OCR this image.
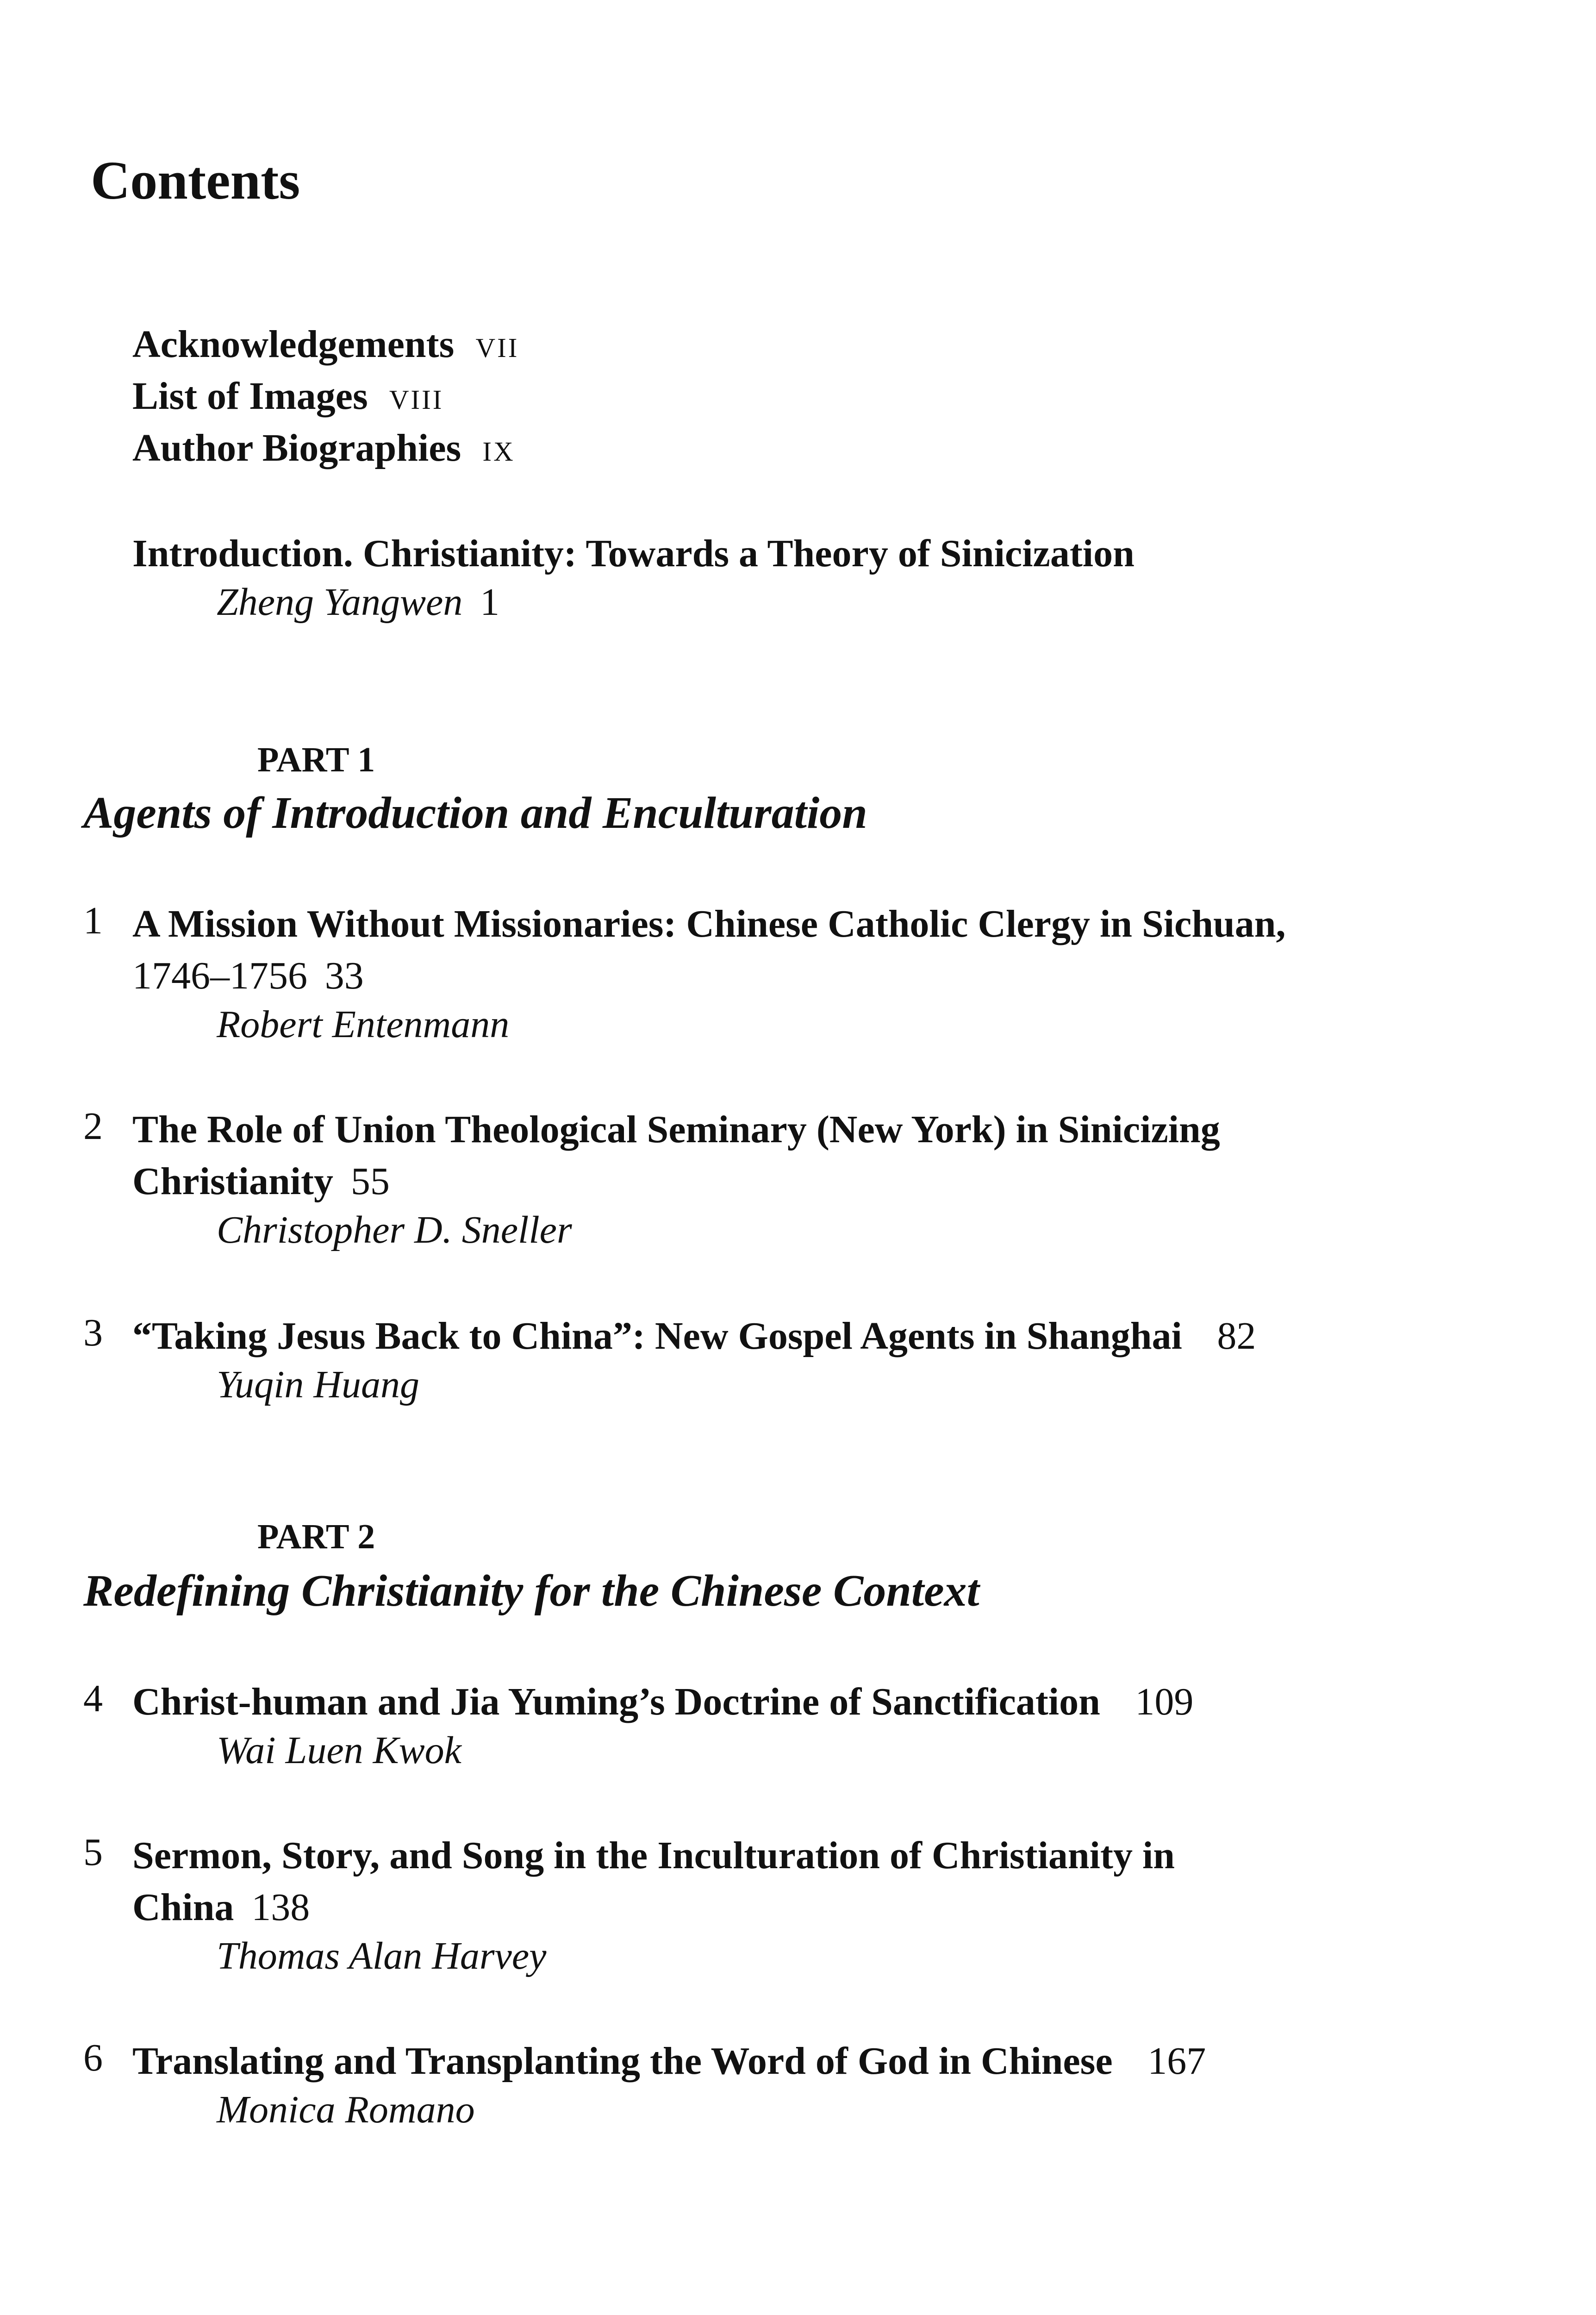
Contents
Acknowledgements vii
List of Images viii
Author Biographies ix
Introduction. Christianity: Towards a Theory of Sinicization
Zheng Yangwen 1
PART 1
Agents of Introduction and Enculturation
1 A Mission Without Missionaries: Chinese Catholic Clergy in Sichuan,
1746–1756 33
Robert Entenmann
2 The Role of Union Theological Seminary (New York) in Sinicizing
Christianity 55
Christopher D. Sneller
3 “Taking Jesus Back to China”: New Gospel Agents in Shanghai 82
Yuqin Huang
PART 2
Redefining Christianity for the Chinese Context
4 Christ-human and Jia Yuming’s Doctrine of Sanctification 109
Wai Luen Kwok
5 Sermon, Story, and Song in the Inculturation of Christianity in
China 138
Thomas Alan Harvey
6 Translating and Transplanting the Word of God in Chinese 167
Monica Romano
